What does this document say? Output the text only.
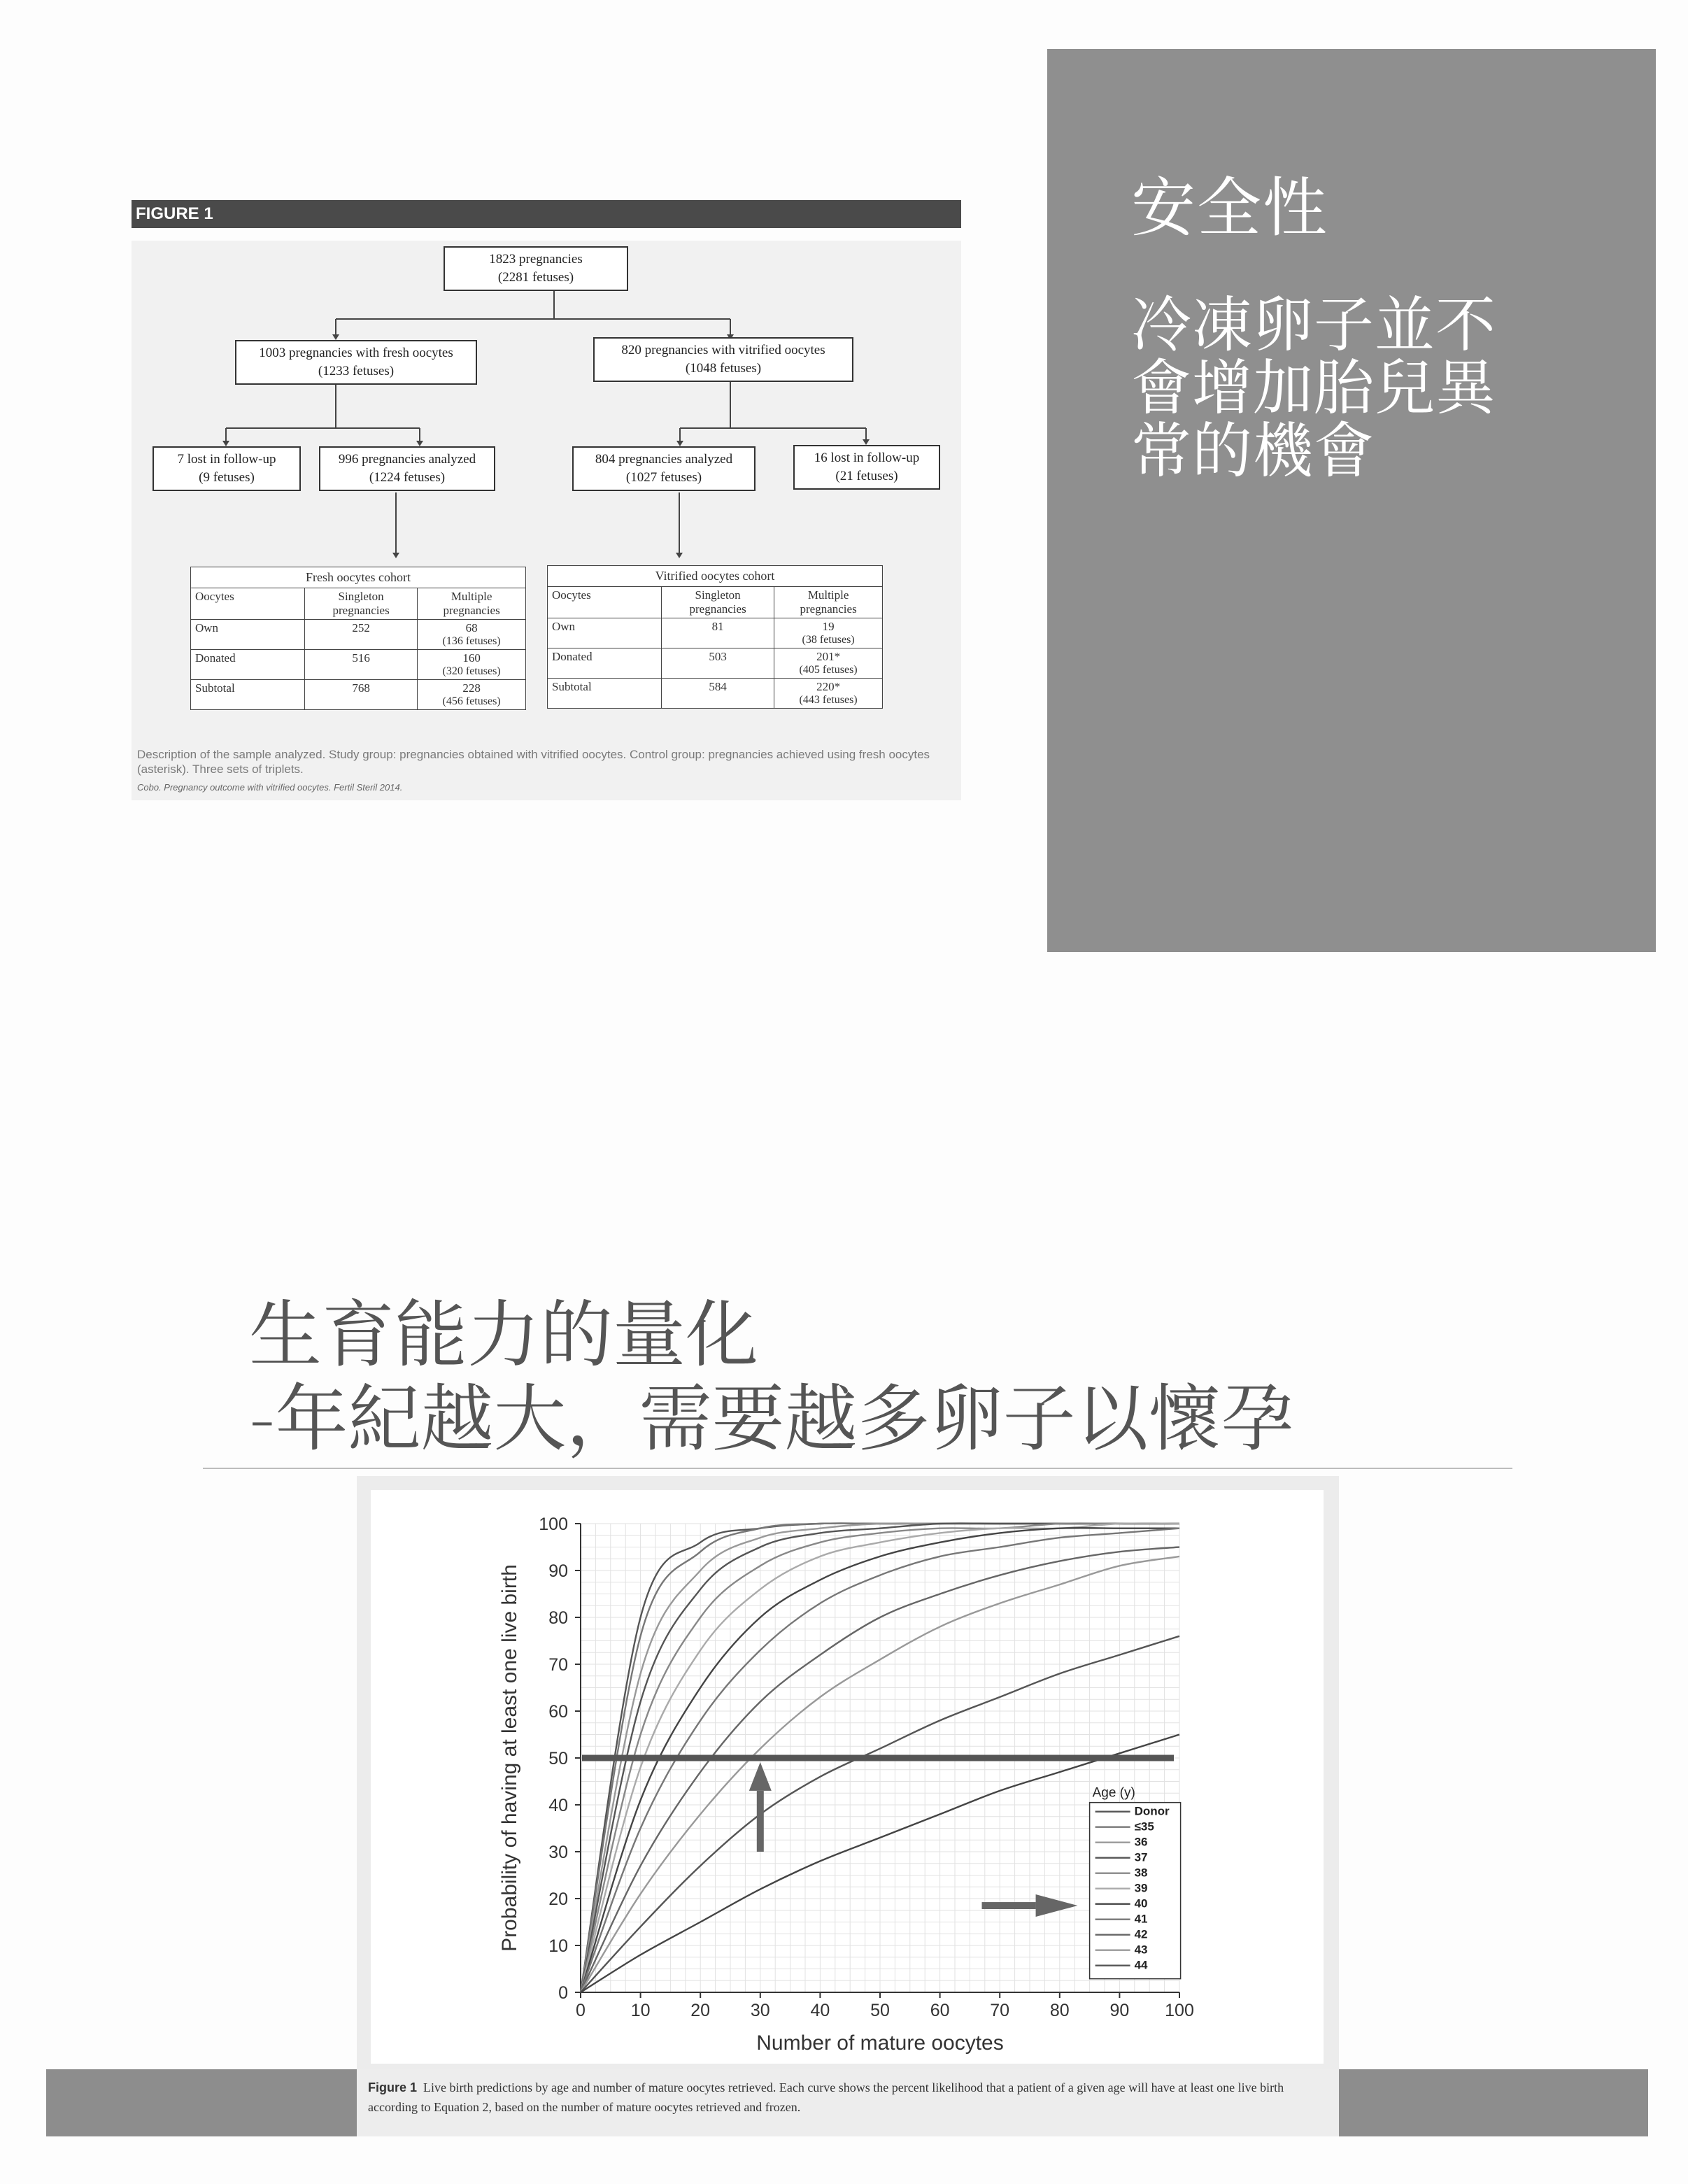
FIGURE 1
1823 pregnancies
(2281 fetuses)
1003 pregnancies with fresh oocytes
(1233 fetuses)
820 pregnancies with vitrified oocytes
(1048 fetuses)
7 lost in follow-up
(9 fetuses)
996 pregnancies analyzed
(1224 fetuses)
804 pregnancies analyzed
(1027 fetuses)
16 lost in follow-up
(21 fetuses)
Fresh oocytes cohort		
Oocytes	Singleton pregnancies	Multiple pregnancies
Own	252	68
(136 fetuses)

Donated	516	160
(320 fetuses)

Subtotal	768	228
(456 fetuses)
Vitrified oocytes cohort		
Oocytes	Singleton pregnancies	Multiple pregnancies
Own	81	19
(38 fetuses)

Donated	503	201*
(405 fetuses)

Subtotal	584	220*
(443 fetuses)
Description of the sample analyzed. Study group: pregnancies obtained with vitrified oocytes. Control group: pregnancies achieved using fresh oocytes (asterisk). Three sets of triplets.
Cobo. Pregnancy outcome with vitrified oocytes. Fertil Steril 2014.
安全性
冷凍卵子並不
會增加胎兒異
常的機會
生育能力的量化
-年紀越大，需要越多卵子以懷孕
0	10 20 30 40 50 60 70 80 90 100
0
10
20
30
40
50
60
70
80
90
100
Number of mature oocytes
Probability of having at least one live birth	Age (y)
Donor
≤35
36
37
38
39
40
41
42
43
44
Figure 1 Live birth predictions by age and number of mature oocytes retrieved. Each curve shows the percent likelihood that a patient of a given age will have at least one live birth according to Equation 2, based on the number of mature oocytes retrieved and frozen.
